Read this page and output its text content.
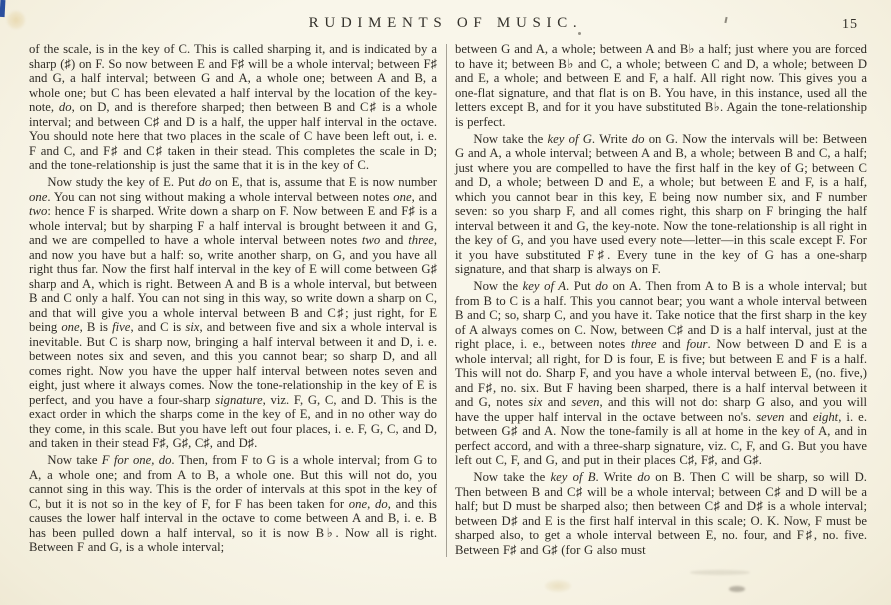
RUDIMENTS OF MUSIC.	15

of the scale, is in the key of C. This is called sharping it, and is indicated by a sharp (♯) on F. So now between E and F♯ will be a whole interval; between F♯ and G, a half interval; between G and A, a whole one; between A and B, a whole one; but C has been elevated a half interval by the location of the key-note, do, on D, and is therefore sharped; then between B and C♯ is a whole interval; and between C♯ and D is a half, the upper half interval in the octave. You should note here that two places in the scale of C have been left out, i. e. F and C, and F♯ and C♯ taken in their stead. This completes the scale in D; and the tone-relationship is just the same that it is in the key of C.

Now study the key of E. Put do on E, that is, assume that E is now number one. You can not sing without making a whole interval between notes one, and two: hence F is sharped. Write down a sharp on F. Now between E and F♯ is a whole interval; but by sharping F a half interval is brought between it and G, and we are compelled to have a whole interval between notes two and three, and now you have but a half: so, write another sharp, on G, and you have all right thus far. Now the first half interval in the key of E will come between G♯ sharp and A, which is right. Between A and B is a whole interval, but between B and C only a half. You can not sing in this way, so write down a sharp on C, and that will give you a whole interval between B and C♯; just right, for E being one, B is five, and C is six, and between five and six a whole interval is inevitable. But C is sharp now, bringing a half interval between it and D, i. e. between notes six and seven, and this you cannot bear; so sharp D, and all comes right. Now you have the upper half interval between notes seven and eight, just where it always comes. Now the tone-relationship in the key of E is perfect, and you have a four-sharp signature, viz. F, G, C, and D. This is the exact order in which the sharps come in the key of E, and in no other way do they come, in this scale. But you have left out four places, i. e. F, G, C, and D, and taken in their stead F♯, G♯, C♯, and D♯.

Now take F for one, do. Then, from F to G is a whole interval; from G to A, a whole one; and from A to B, a whole one. But this will not do, you cannot sing in this way. This is the order of intervals at this spot in the key of C, but it is not so in the key of F, for F has been taken for one, do, and this causes the lower half interval in the octave to come between A and B, i. e. B has been pulled down a half interval, so it is now B♭. Now all is right. Between F and G, is a whole interval;

between G and A, a whole; between A and B♭ a half; just where you are forced to have it; between B♭ and C, a whole; between C and D, a whole; between D and E, a whole; and between E and F, a half. All right now. This gives you a one-flat signature, and that flat is on B. You have, in this instance, used all the letters except B, and for it you have substituted B♭. Again the tone-relationship is perfect.

Now take the key of G. Write do on G. Now the intervals will be: Between G and A, a whole interval; between A and B, a whole; between B and C, a half; just where you are compelled to have the first half in the key of G; between C and D, a whole; between D and E, a whole; but between E and F, is a half, which you cannot bear in this key, E being now number six, and F number seven: so you sharp F, and all comes right, this sharp on F bringing the half interval between it and G, the key-note. Now the tone-relationship is all right in the key of G, and you have used every note—letter—in this scale except F. For it you have substituted F♯. Every tune in the key of G has a one-sharp signature, and that sharp is always on F.

Now the key of A. Put do on A. Then from A to B is a whole interval; but from B to C is a half. This you cannot bear; you want a whole interval between B and C; so, sharp C, and you have it. Take notice that the first sharp in the key of A always comes on C. Now, between C♯ and D is a half interval, just at the right place, i. e., between notes three and four. Now between D and E is a whole interval; all right, for D is four, E is five; but between E and F is a half. This will not do. Sharp F, and you have a whole interval between E, (no. five,) and F♯, no. six. But F having been sharped, there is a half interval between it and G, notes six and seven, and this will not do: sharp G also, and you will have the upper half interval in the octave between no's. seven and eight, i. e. between G♯ and A. Now the tone-family is all at home in the key of A, and in perfect accord, and with a three-sharp signature, viz. C, F, and G. But you have left out C, F, and G, and put in their places C♯, F♯, and G♯.

Now take the key of B. Write do on B. Then C will be sharp, so will D. Then between B and C♯ will be a whole interval; between C♯ and D will be a half; but D must be sharped also; then between C♯ and D♯ is a whole interval; between D♯ and E is the first half interval in this scale; O. K. Now, F must be sharped also, to get a whole interval between E, no. four, and F♯, no. five. Between F♯ and G♯ (for G also must
